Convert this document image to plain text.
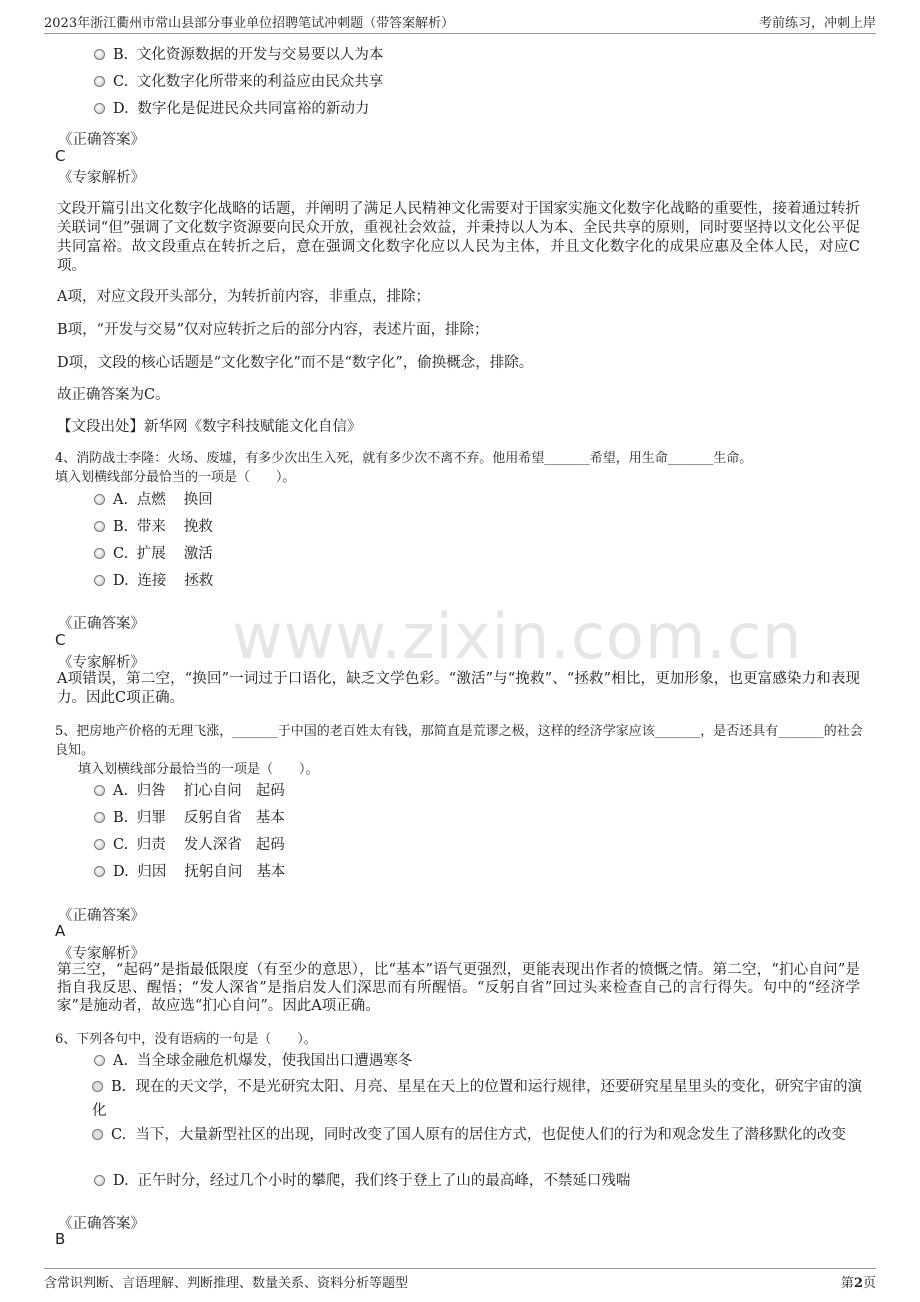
2023年浙江衢州市常山县部分事业单位招聘笔试冲刺题（带答案解析）	考前练习，冲刺上岸
www.zixin.com.cn
B. 文化资源数据的开发与交易要以人为本
C. 文化数字化所带来的利益应由民众共享
D. 数字化是促进民众共同富裕的新动力
《正确答案》
C
《专家解析》
文段开篇引出文化数字化战略的话题，并阐明了满足人民精神文化需要对于国家实施文化数字化战略的重要性，接着通过转折关联词“但”强调了文化数字资源要向民众开放，重视社会效益，并秉持以人为本、全民共享的原则，同时要坚持以文化公平促共同富裕。故文段重点在转折之后，意在强调文化数字化应以人民为主体，并且文化数字化的成果应惠及全体人民，对应C项。
A项，对应文段开头部分，为转折前内容，非重点，排除；
B项，“开发与交易”仅对应转折之后的部分内容，表述片面，排除；
D项，文段的核心话题是“文化数字化”而不是“数字化”，偷换概念，排除。
故正确答案为C。
【文段出处】新华网《数字科技赋能文化自信》
4、消防战士李隆：火场、废墟，有多少次出生入死，就有多少次不离不弃。他用希望_______希望，用生命_______生命。
填入划横线部分最恰当的一项是（　　）。
A. 点燃 换回
B. 带来 挽救
C. 扩展 激活
D. 连接 拯救
《正确答案》
C
《专家解析》
A项错误，第二空，“换回”一词过于口语化，缺乏文学色彩。“激活”与“挽救”、“拯救”相比，更加形象，也更富感染力和表现力。因此C项正确。
5、把房地产价格的无理飞涨，_______于中国的老百姓太有钱，那简直是荒谬之极，这样的经济学家应该_______，是否还具有_______的社会良知。
填入划横线部分最恰当的一项是（　　）。
A. 归咎 扪心自问 起码
B. 归罪 反躬自省 基本
C. 归责 发人深省 起码
D. 归因 抚躬自问 基本
《正确答案》
A
《专家解析》
第三空，“起码”是指最低限度（有至少的意思），比“基本”语气更强烈，更能表现出作者的愤慨之情。第二空，“扪心自问”是指自我反思、醒悟；“发人深省”是指启发人们深思而有所醒悟。“反躬自省”回过头来检查自己的言行得失。句中的“经济学家”是施动者，故应选“扪心自问”。因此A项正确。
6、下列各句中，没有语病的一句是（　　）。
A. 当全球金融危机爆发，使我国出口遭遇寒冬
B. 现在的天文学，不是光研究太阳、月亮、星星在天上的位置和运行规律，还要研究星星里头的变化，研究宇宙的演化
C. 当下，大量新型社区的出现，同时改变了国人原有的居住方式，也促使人们的行为和观念发生了潜移默化的改变
D. 正午时分，经过几个小时的攀爬，我们终于登上了山的最高峰，不禁延口残喘
《正确答案》
B
含常识判断、言语理解、判断推理、数量关系、资料分析等题型	第2页
